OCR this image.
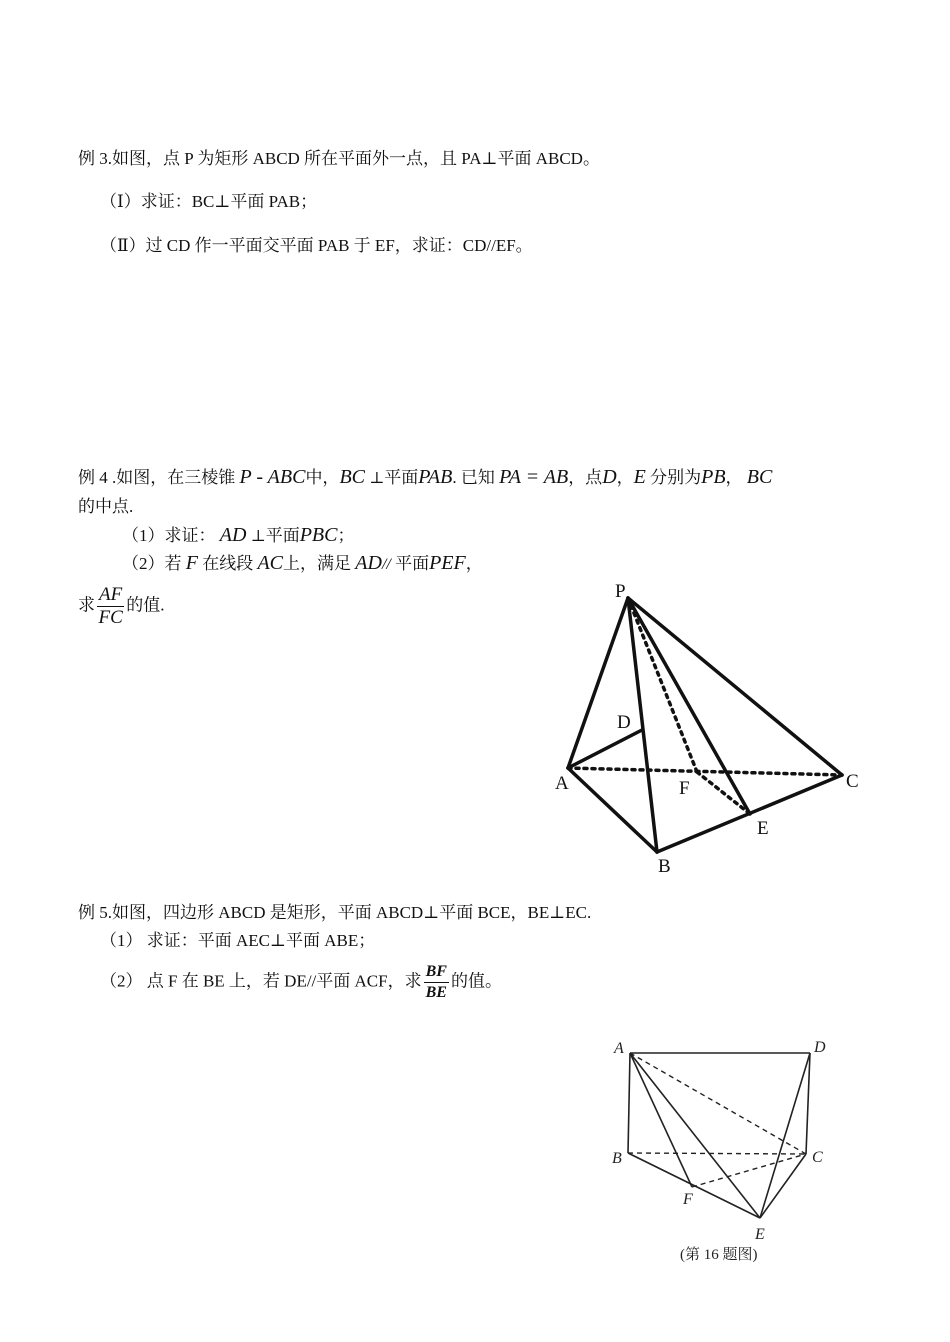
例 3.如图，点 P 为矩形 ABCD 所在平面外一点，且 PA⊥平面 ABCD。
（Ⅰ）求证：BC⊥平面 PAB；
（Ⅱ）过 CD 作一平面交平面 PAB 于 EF，求证：CD//EF。
例 4 .如图，在三棱锥 P - ABC中，BC ⊥平面PAB. 已知 PA = AB，点D，E 分别为PB， BC
的中点.
（1）求证： AD ⊥平面PBC；
（2）若 F 在线段 AC上，满足 AD// 平面PEF，
求 $\frac{AF}{FC}$ 的值.
P
D
A	F	C
E
B
例 5.如图，四边形 ABCD 是矩形，平面 ABCD⊥平面 BCE，BE⊥EC.
（1） 求证：平面 AEC⊥平面 ABE；
（2） 点 F 在 BE 上，若 DE//平面 ACF，求 $\frac{BF}{BE}$ 的值。
A	D
B	C
F
E
(第 16 题图)
